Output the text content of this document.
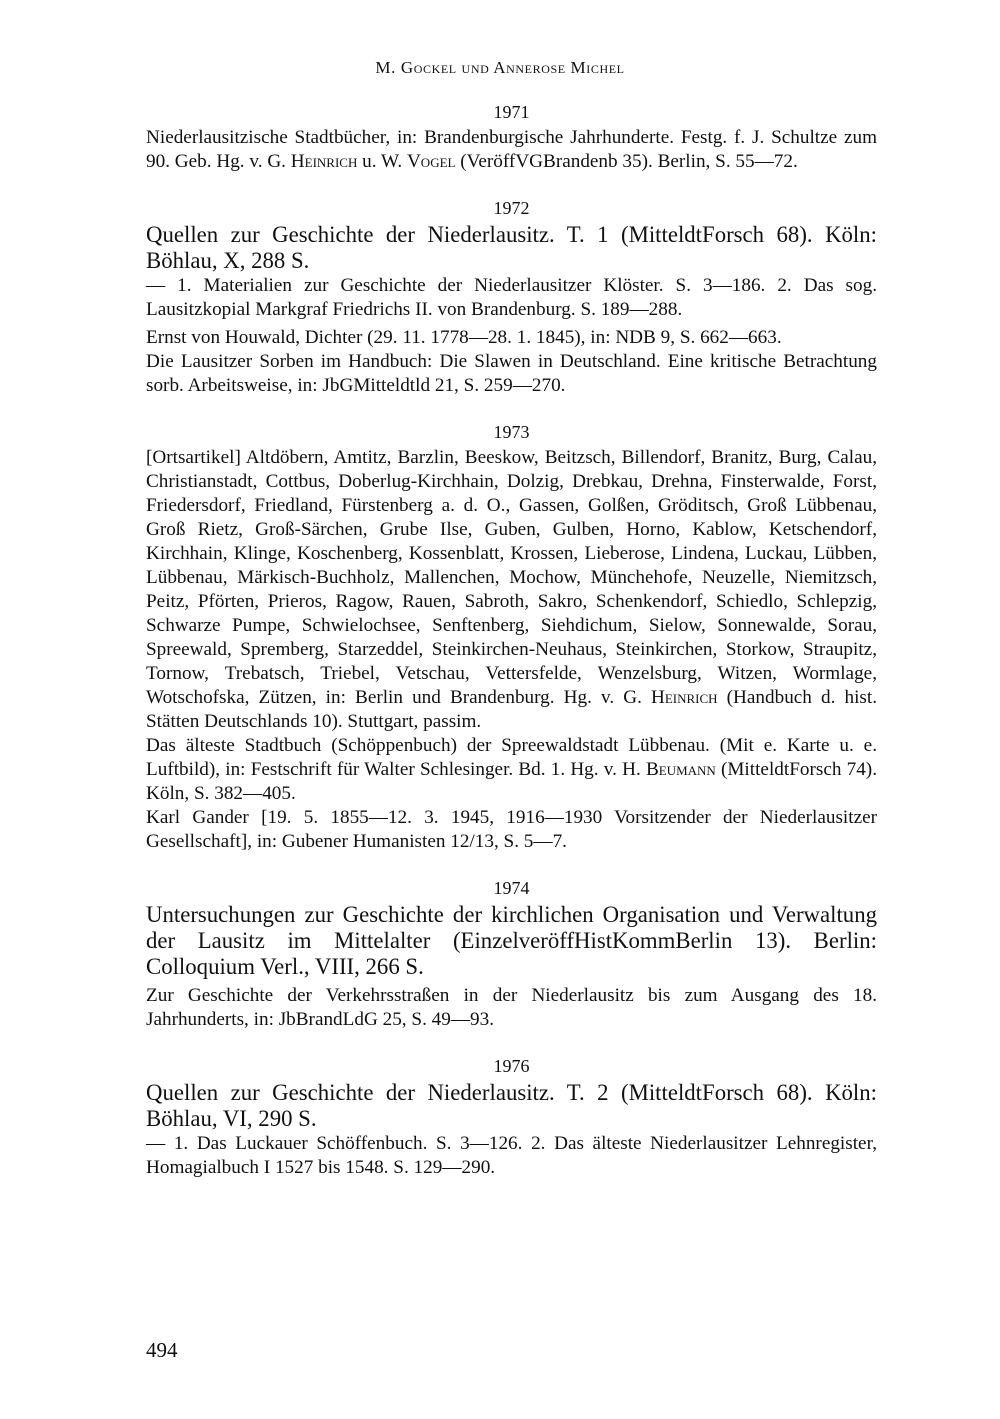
M. Gockel und Annerose Michel
1971

Niederlausitzische Stadtbücher, in: Brandenburgische Jahrhunderte. Festg. f. J. Schultze zum 90. Geb. Hg. v. G. Heinrich u. W. Vogel (VeröffVGBrandenb 35). Berlin, S. 55—72.

1972

Quellen zur Geschichte der Niederlausitz. T. 1 (MitteldtForsch 68). Köln: Böhlau, X, 288 S.

— 1. Materialien zur Geschichte der Niederlausitzer Klöster. S. 3—186. 2. Das sog. Lausitzkopial Markgraf Friedrichs II. von Brandenburg. S. 189—288.

Ernst von Houwald, Dichter (29. 11. 1778—28. 1. 1845), in: NDB 9, S. 662—663.

Die Lausitzer Sorben im Handbuch: Die Slawen in Deutschland. Eine kritische Betrachtung sorb. Arbeitsweise, in: JbGMitteldtld 21, S. 259—270.

1973

[Ortsartikel] Altdöbern, Amtitz, Barzlin, Beeskow, Beitzsch, Billendorf, Branitz, Burg, Calau, Christianstadt, Cottbus, Doberlug-Kirchhain, Dolzig, Drebkau, Drehna, Finsterwalde, Forst, Friedersdorf, Friedland, Fürstenberg a. d. O., Gassen, Golßen, Gröditsch, Groß Lübbenau, Groß Rietz, Groß-Särchen, Grube Ilse, Guben, Gulben, Horno, Kablow, Ketschendorf, Kirchhain, Klinge, Koschenberg, Kossenblatt, Krossen, Lieberose, Lindena, Luckau, Lübben, Lübbenau, Märkisch-Buchholz, Mallenchen, Mochow, Münchehofe, Neuzelle, Niemitzsch, Peitz, Pförten, Prieros, Ragow, Rauen, Sabroth, Sakro, Schenkendorf, Schiedlo, Schlepzig, Schwarze Pumpe, Schwielochsee, Senftenberg, Siehdichum, Sielow, Sonnewalde, Sorau, Spreewald, Spremberg, Starzeddel, Steinkirchen-Neuhaus, Steinkirchen, Storkow, Straupitz, Tornow, Trebatsch, Triebel, Vetschau, Vettersfelde, Wenzelsburg, Witzen, Wormlage, Wotschofska, Zützen, in: Berlin und Brandenburg. Hg. v. G. Heinrich (Handbuch d. hist. Stätten Deutschlands 10). Stuttgart, passim.

Das älteste Stadtbuch (Schöppenbuch) der Spreewaldstadt Lübbenau. (Mit e. Karte u. e. Luftbild), in: Festschrift für Walter Schlesinger. Bd. 1. Hg. v. H. Beumann (MitteldtForsch 74). Köln, S. 382—405.

Karl Gander [19. 5. 1855—12. 3. 1945, 1916—1930 Vorsitzender der Niederlausitzer Gesellschaft], in: Gubener Humanisten 12/13, S. 5—7.

1974

Untersuchungen zur Geschichte der kirchlichen Organisation und Verwaltung der Lausitz im Mittelalter (EinzelveröffHistKommBerlin 13). Berlin: Colloquium Verl., VIII, 266 S.

Zur Geschichte der Verkehrsstraßen in der Niederlausitz bis zum Ausgang des 18. Jahrhunderts, in: JbBrandLdG 25, S. 49—93.

1976

Quellen zur Geschichte der Niederlausitz. T. 2 (MitteldtForsch 68). Köln: Böhlau, VI, 290 S.

— 1. Das Luckauer Schöffenbuch. S. 3—126. 2. Das älteste Niederlausitzer Lehnregister, Homagialbuch I 1527 bis 1548. S. 129—290.

494
